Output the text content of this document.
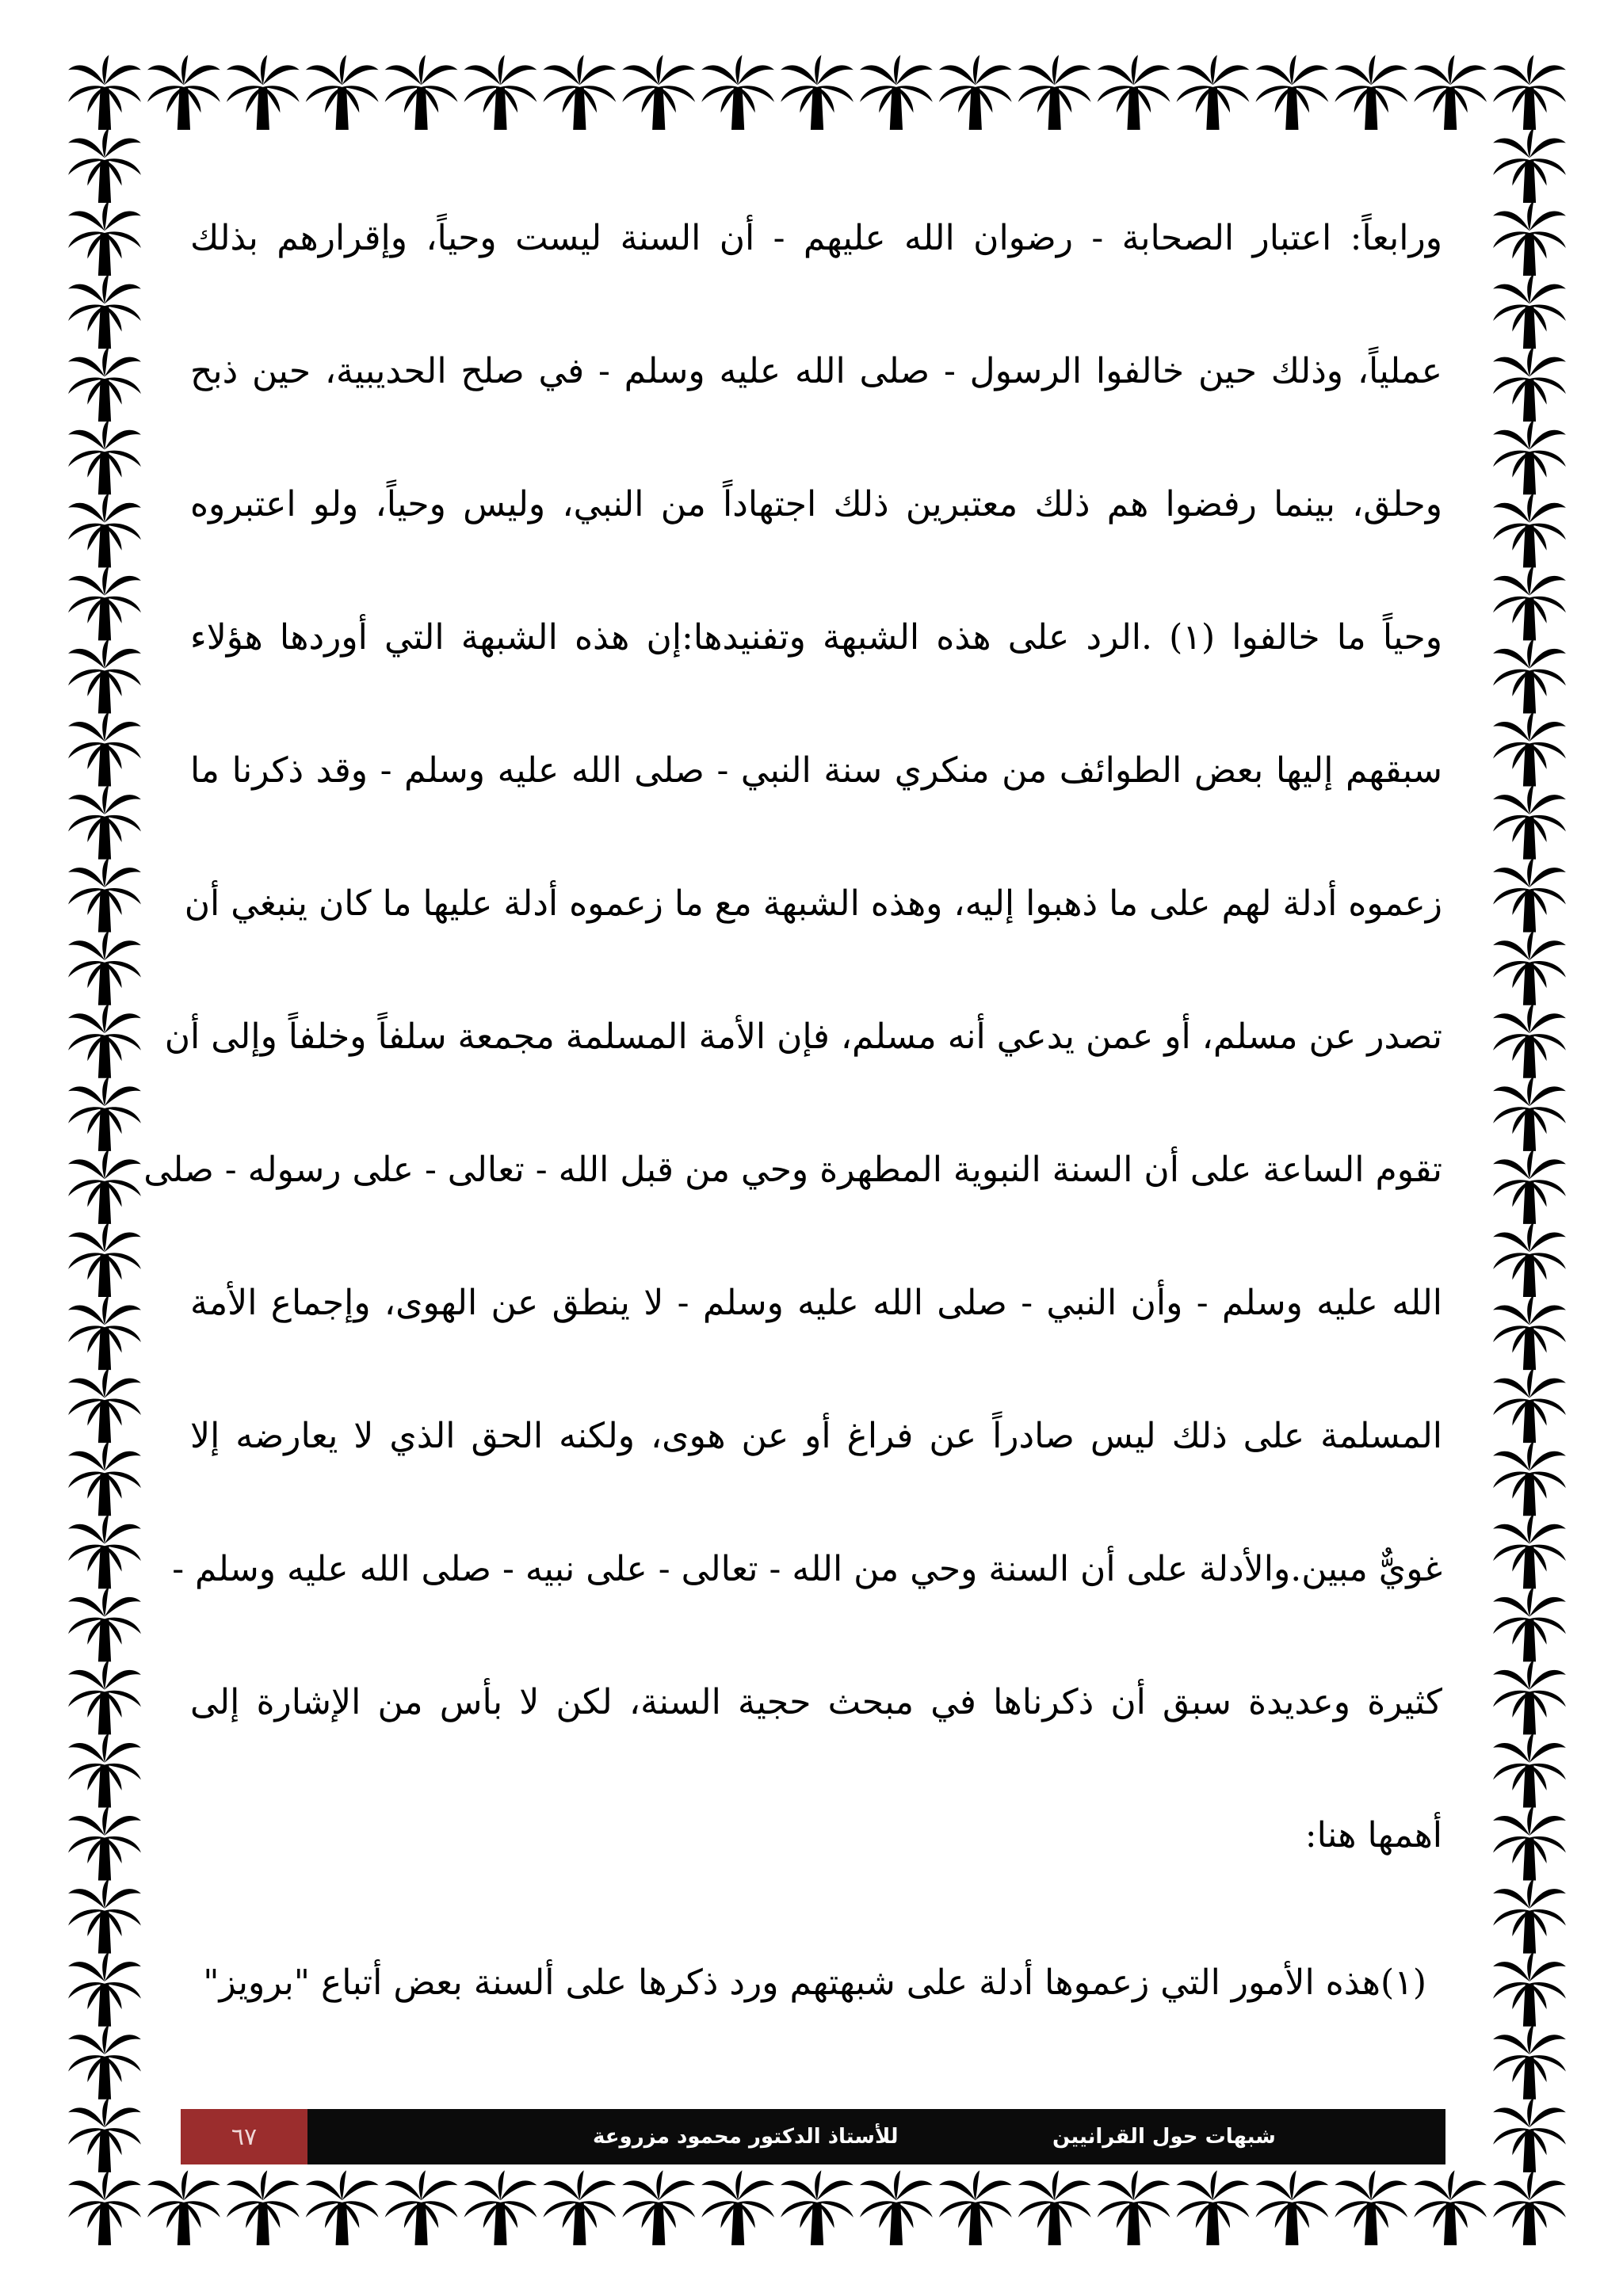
ورابعاً: اعتبار الصحابة - رضوان الله عليهم - أن السنة ليست وحياً، وإقرارهم بذلك
عملياً، وذلك حين خالفوا الرسول - صلى الله عليه وسلم - في صلح الحديبية، حين ذبح
وحلق، بينما رفضوا هم ذلك معتبرين ذلك اجتهاداً من النبي، وليس وحياً، ولو اعتبروه
وحياً ما خالفوا (١) .الرد على هذه الشبهة وتفنيدها:إن هذه الشبهة التي أوردها هؤلاء
سبقهم إليها بعض الطوائف من منكري سنة النبي - صلى الله عليه وسلم - وقد ذكرنا ما
زعموه أدلة لهم على ما ذهبوا إليه، وهذه الشبهة مع ما زعموه أدلة عليها ما كان ينبغي أن
تصدر عن مسلم، أو عمن يدعي أنه مسلم، فإن الأمة المسلمة مجمعة سلفاً وخلفاً وإلى أن
تقوم الساعة على أن السنة النبوية المطهرة وحي من قبل الله - تعالى - على رسوله - صلى
الله عليه وسلم - وأن النبي - صلى الله عليه وسلم - لا ينطق عن الهوى، وإجماع الأمة
المسلمة على ذلك ليس صادراً عن فراغ أو عن هوى، ولكنه الحق الذي لا يعارضه إلا
غويٌّ مبين.والأدلة على أن السنة وحي من الله - تعالى - على نبيه - صلى الله عليه وسلم -
كثيرة وعديدة سبق أن ذكرناها في مبحث حجية السنة، لكن لا بأس من الإشارة إلى
أهمها هنا:
(١)هذه الأمور التي زعموها أدلة على شبهتهم ورد ذكرها على ألسنة بعض أتباع "برويز"
٦٧	للأستاذ الدكتور محمود مزروعة	شبهات حول القرانيين
